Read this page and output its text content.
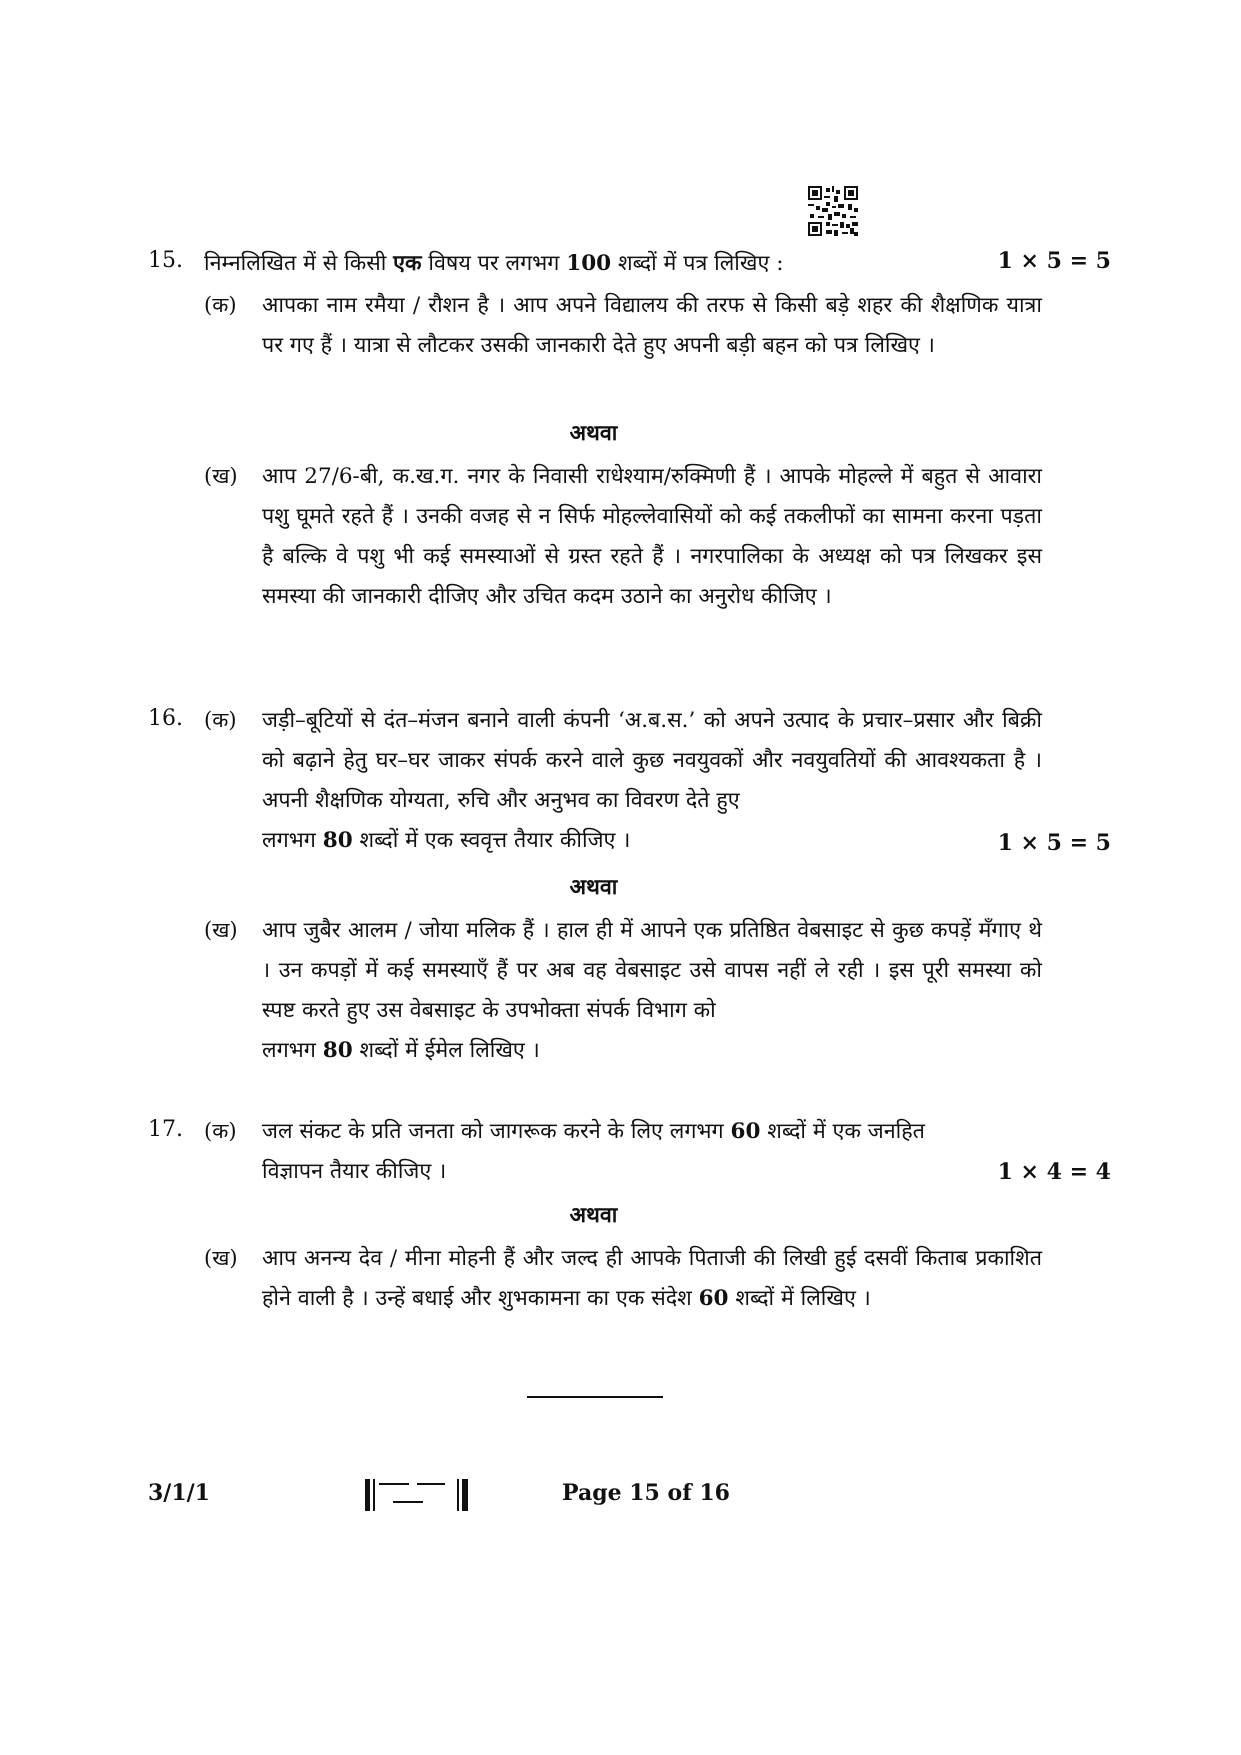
15. निम्नलिखित में से किसी एक विषय पर लगभग 100 शब्दों में पत्र लिखिए :	1 × 5 = 5
(क) आपका नाम रमैया / रौशन है । आप अपने विद्यालय की तरफ से किसी बड़े शहर की शैक्षणिक यात्रा पर गए हैं । यात्रा से लौटकर उसकी जानकारी देते हुए अपनी बड़ी बहन को पत्र लिखिए ।
अथवा
(ख) आप 27/6-बी, क.ख.ग. नगर के निवासी राधेश्याम/रुक्मिणी हैं । आपके मोहल्ले में बहुत से आवारा पशु घूमते रहते हैं । उनकी वजह से न सिर्फ मोहल्लेवासियों को कई तकलीफों का सामना करना पड़ता है बल्कि वे पशु भी कई समस्याओं से ग्रस्त रहते हैं । नगरपालिका के अध्यक्ष को पत्र लिखकर इस समस्या की जानकारी दीजिए और उचित कदम उठाने का अनुरोध कीजिए ।
16. (क) जड़ी–बूटियों से दंत–मंजन बनाने वाली कंपनी ‘अ.ब.स.’ को अपने उत्पाद के प्रचार–प्रसार और बिक्री को बढ़ाने हेतु घर–घर जाकर संपर्क करने वाले कुछ नवयुवकों और नवयुवतियों की आवश्यकता है । अपनी शैक्षणिक योग्यता, रुचि और अनुभव का विवरण देते हुए
लगभग 80 शब्दों में एक स्ववृत्त तैयार कीजिए ।	1 × 5 = 5
अथवा
(ख) आप जुबैर आलम / जोया मलिक हैं । हाल ही में आपने एक प्रतिष्ठित वेबसाइट से कुछ कपड़ें मँगाए थे । उन कपड़ों में कई समस्याएँ हैं पर अब वह वेबसाइट उसे वापस नहीं ले रही । इस पूरी समस्या को स्पष्ट करते हुए उस वेबसाइट के उपभोक्ता संपर्क विभाग को
लगभग 80 शब्दों में ईमेल लिखिए ।
17. (क) जल संकट के प्रति जनता को जागरूक करने के लिए लगभग 60 शब्दों में एक जनहित
विज्ञापन तैयार कीजिए ।	1 × 4 = 4
अथवा
(ख) आप अनन्य देव / मीना मोहनी हैं और जल्द ही आपके पिताजी की लिखी हुई दसवीं किताब प्रकाशित होने वाली है । उन्हें बधाई और शुभकामना का एक संदेश 60 शब्दों में लिखिए ।
3/1/1	Page 15 of 16
